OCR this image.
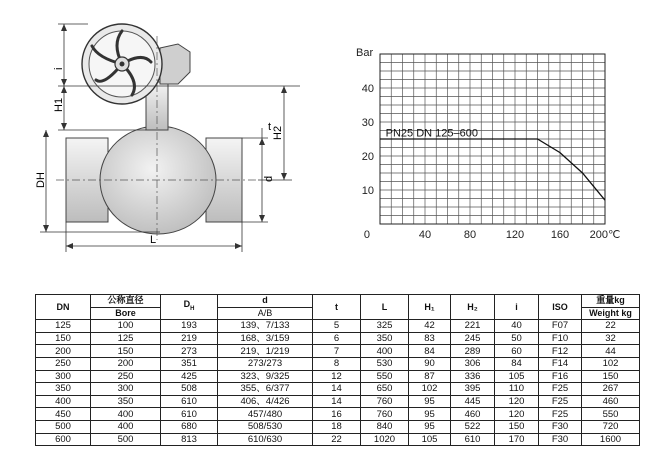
i
H1
DH
L
t
d
H2
0	40	80	120 160 200℃
10
20
30
40
Bar
PN25 DN 125–600
DN	公称直径	$D_H$	d	t	L	H₁	H₂	i	ISO	重量kg
	Bore		A/B							Weight kg
125	100	193	139、7/133	5	325	42	221	40	F07	22
150	125	219	168、3/159	6	350	83	245	50	F10	32
200	150	273	219、1/219	7	400	84	289	60	F12	44
250	200	351	273/273	8	530	90	306	84	F14	102
300	250	425	323、9/325	12	550	87	336	105	F16	150
350	300	508	355、6/377	14	650	102	395	110	F25	267
400	350	610	406、4/426	14	760	95	445	120	F25	460
450	400	610	457/480	16	760	95	460	120	F25	550
500	400	680	508/530	18	840	95	522	150	F30	720
600	500	813	610/630	22	1020	105	610	170	F30	1600
